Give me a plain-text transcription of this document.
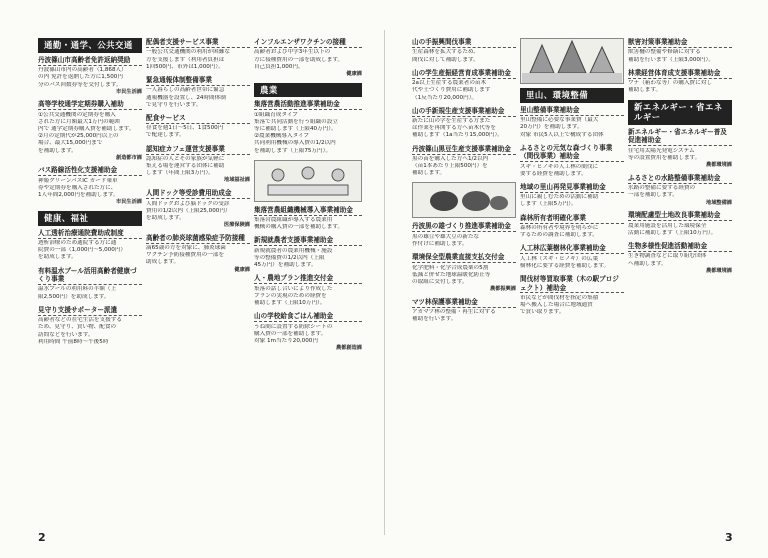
通勤・通学、公共交通
丹波篠山市高齢者免許返納奨励
丹波篠山市内の高齢者（1,868人）
の内 免許を返納した方に1,500円
分のバス回数券等を交付します。
市民生活課
高等学校通学定期券購入補助
①公共交通機関の定期券を購入
された方に月額最大1万円の範囲
内で 通学定期券購入費を補助します。
②月の定期代が25,000円以上の
場合、最大15,000円まで
を補助します。
創造都市課
バス路線活性化支援補助金
神姫グリーンバスIC カード乗車
券や定期券を購入された方に、
1人年間2,000円を補助します。
市民生活課
健康、福祉
人工透析治療通院費助成制度
透析治療のため通院する方に通
院費の一部（1,000円〜5,000円）
を助成します。
有料温水プール活用高齢者健康づくり事業
温水プールの利用料の半額（上
限2,500円）を助成します。
見守り支援サポーター派遣
高齢者などの在宅生活を支援する
ため、見守り、買い物、配食の
訪問などを行います。
利用時間 午前8時〜午後5時
配偶者支援サービス事業
一般公共交通機関の利用が困難な
方を支援します（利用者負担は
1回500円、市外は1,000円）。
緊急通報体制整備事業
一人暮らしの高齢者世帯に緊急
通報機器を設置し、24時間体制
で見守りを行います。
配食サービス
昼食を週1日〜5日、1食500円
で配達します。
認知症カフェ運営支援事業
認知症の人とその家族が気軽に
集える場を運営する団体に補助
します（年間上限3万円）。
地域福祉課
人間ドック等受診費用助成金
人間ドックおよび脳ドックの受診
費用の1/2以内（上限25,000円）
を助成します。
医療保険課
高齢者の肺炎球菌感染症予防接種
満65歳の方を対象に、肺炎球菌
ワクチン予防接種費用の一部を
助成します。
健康課
インフルエンザワクチンの接種
高齢者および中学3年生以下の
方に接種費用の一部を助成します。
自己負担1,000円。
健康課
農業
集落営農活動推進事業補助金
①組織育成タイプ
集落で共同活動を行う組織の設立
等に補助します（上限40万円）。
②農業機械導入タイプ
共同利用機械の導入費の1/2以内
を補助します（上限75万円）。
集落営農組織機械導入事業補助金
集落営農組織が導入する農業用
機械の購入費の一部を補助します。
新規就農者支援事業補助金
新規就農者の農業用機械・施設
等の整備費の1/2以内（上限
45万円）を補助します。
人・農地プラン推進交付金
集落の話し合いにより作成した
プランの実現のための経費を
補助します（上限10万円）。
山の学校給食ごはん補助金
うね間に設置する防除シートの
購入費の一部を補助します。
対象 1m当たり20,000円
農都創造課
山の手振興間伐事業
生産森林を拡大するため、
間伐に対して補助します。
山の学生産振経営育成事業補助金
2a以上生産する農業者の苗木
代や土づくり費用に補助します
（1反当たり20,000円）。
山の手新規生産支援事業補助金
新たに山の学を生産する方また
は作業を再開する方へ苗木代等を
補助します（1a当たり15,000円）。
丹波篠山黒豆生産支援事業補助金
黒の苗を購入した方へ1/2以内
（苗1本あたり上限500円）を
補助します。
丹波黒の雄づくり推進事業補助金
黒の雄豆や雄大豆の新たな
作付けに補助します。
環境保全型農業直接支払交付金
化学肥料・化学合成農薬の5割
低減と併せた地球温暖化防止等
の取組に交付します。
農都振興課
マツ林保護事業補助金
アカマツ林の整備・再生に対する
補助を行います。
里山、環境整備
里山整備事業補助金
里山整備に必要な事業費（最大
20万円）を補助します。
対象 市民5人以上で構成する団体
ふるさとの元気な森づくり事業（間伐事業）補助金
スギ・ヒノキの人工林の間伐に
要する経費を補助します。
地域の里山再発見事業補助金
里山に親しむための活動に補助
します（上限5万円）。
森林所有者明確化事業
森林の所有者や境界を明らかに
するための調査に補助します。
人工林広葉樹林化事業補助金
人工林（スギ・ヒノキ）の広葉
樹林化に要する経費を補助します。
間伐材等買取事業（木の駅プロジェクト）補助金
市民などが間伐材を指定の集積
場へ搬入した場合に地域通貨
で買い取ります。
獣害対策事業補助金
獣害柵の整備や修繕に対する
補助を行います（上限3,000円）。
林業経営体育成支援事業補助金
ワナ（箱わな等）の購入費に対し
補助します。
新エネルギー・省エネルギー
新エネルギー・省エネルギー普及促進補助金
住宅用太陽光発電システム
等の設置費用を補助します。
農都環境課
ふるさとの水路整備事業補助金
水路の整備に要する経費の
一部を補助します。
地域整備課
環境配慮型土地改良事業補助金
農業用施設を活用した環境保全
活動に補助します（上限10万円）。
生物多様性促進活動補助金
生き物調査などに取り組む団体
へ補助します。
農都環境課
2	3
